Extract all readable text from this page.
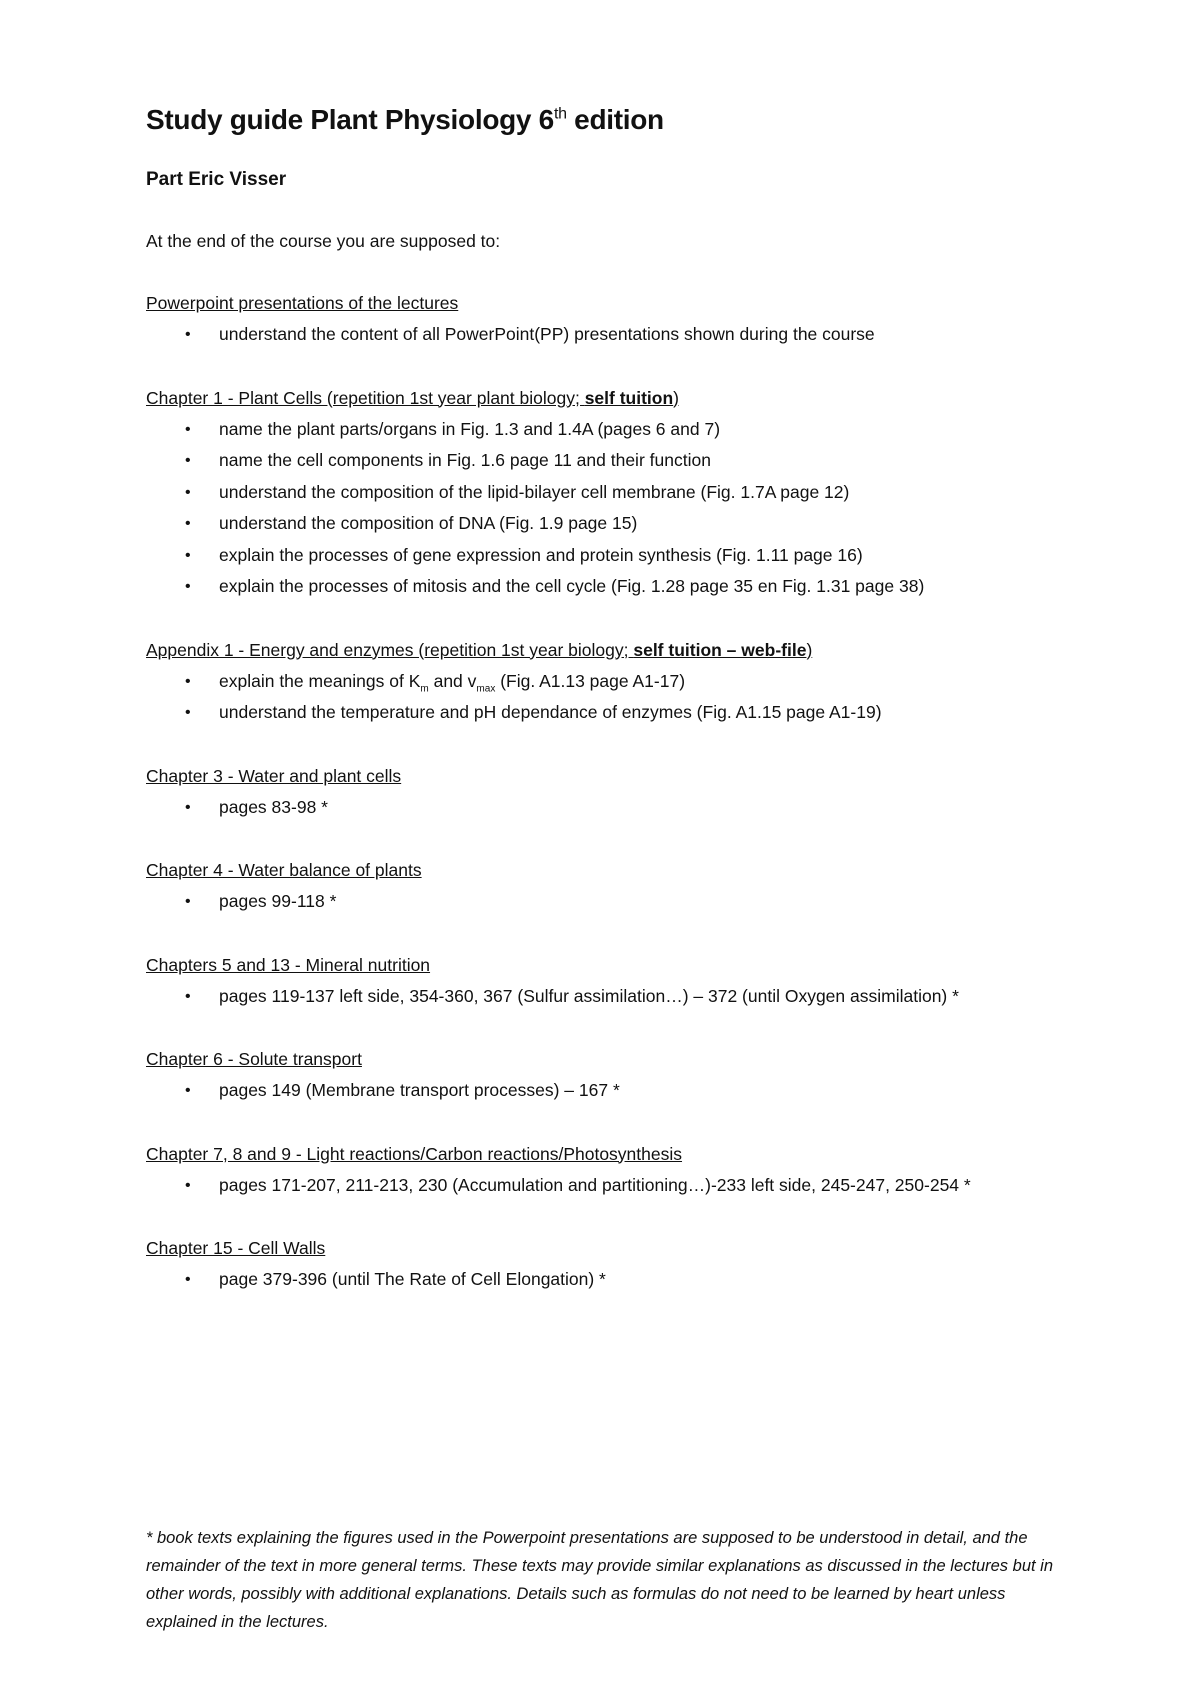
Study guide Plant Physiology 6th edition
Part Eric Visser
At the end of the course you are supposed to:
Powerpoint presentations of the lectures
• understand the content of all PowerPoint(PP) presentations shown during the course
Chapter 1 - Plant Cells (repetition 1st year plant biology; self tuition)
• name the plant parts/organs in Fig. 1.3 and 1.4A (pages 6 and 7)
• name the cell components in Fig. 1.6 page 11 and their function
• understand the composition of the lipid-bilayer cell membrane (Fig. 1.7A page 12)
• understand the composition of DNA (Fig. 1.9 page 15)
• explain the processes of gene expression and protein synthesis (Fig. 1.11 page 16)
• explain the processes of mitosis and the cell cycle (Fig. 1.28 page 35 en Fig. 1.31 page 38)
Appendix 1 - Energy and enzymes (repetition 1st year biology; self tuition – web-file)
• explain the meanings of $K_m$ and $v_{max}$ (Fig. A1.13 page A1-17)
• understand the temperature and pH dependance of enzymes (Fig. A1.15 page A1-19)
Chapter 3 - Water and plant cells
• pages 83-98 *
Chapter 4 - Water balance of plants
• pages 99-118 *
Chapters 5 and 13 - Mineral nutrition
• pages 119-137 left side, 354-360, 367 (Sulfur assimilation…) – 372 (until Oxygen assimilation) *
Chapter 6 - Solute transport
• pages 149 (Membrane transport processes) – 167 *
Chapter 7, 8 and 9 - Light reactions/Carbon reactions/Photosynthesis
• pages 171-207, 211-213, 230 (Accumulation and partitioning…)-233 left side, 245-247, 250-254 *
Chapter 15 - Cell Walls
• page 379-396 (until The Rate of Cell Elongation) *
* book texts explaining the figures used in the Powerpoint presentations are supposed to be understood in detail, and the remainder of the text in more general terms. These texts may provide similar explanations as discussed in the lectures but in other words, possibly with additional explanations. Details such as formulas do not need to be learned by heart unless explained in the lectures.
